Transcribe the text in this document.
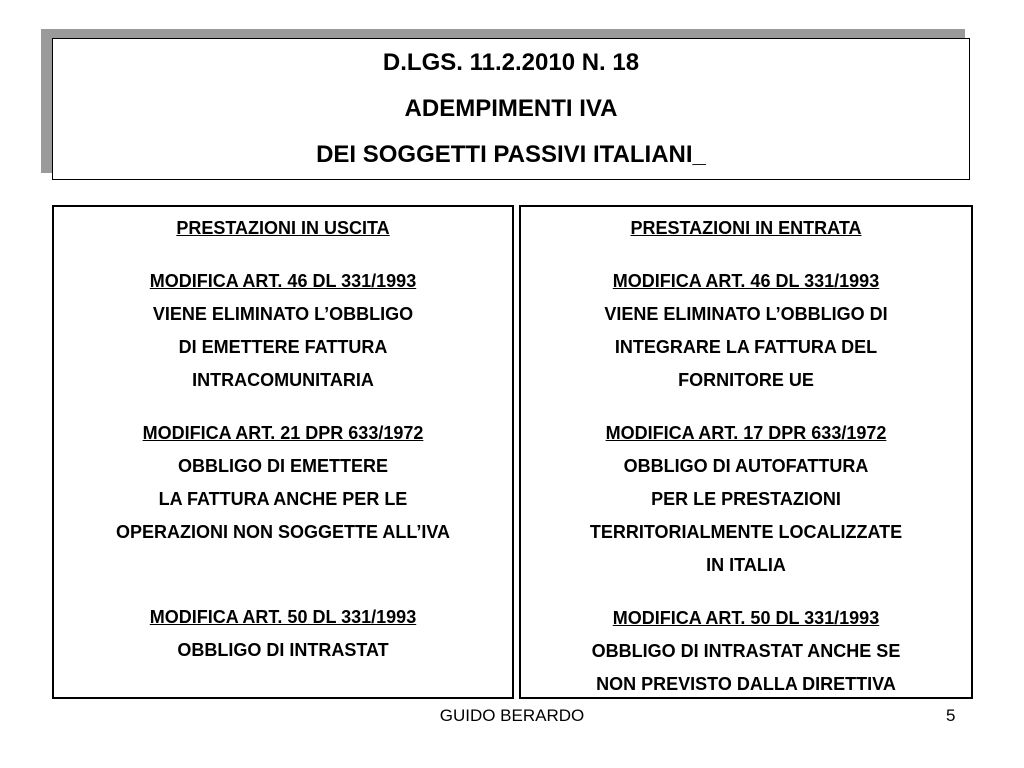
D.LGS. 11.2.2010 N. 18
ADEMPIMENTI IVA
DEI SOGGETTI PASSIVI ITALIANI_
PRESTAZIONI IN USCITA
MODIFICA ART. 46 DL 331/1993
VIENE ELIMINATO L’OBBLIGO
DI EMETTERE FATTURA
INTRACOMUNITARIA
MODIFICA ART. 21 DPR 633/1972
OBBLIGO DI EMETTERE
LA FATTURA ANCHE PER LE
OPERAZIONI NON SOGGETTE ALL’IVA
MODIFICA ART. 50 DL 331/1993
OBBLIGO DI INTRASTAT
PRESTAZIONI IN ENTRATA
MODIFICA ART. 46 DL 331/1993
VIENE ELIMINATO L’OBBLIGO DI
INTEGRARE LA FATTURA DEL
FORNITORE UE
MODIFICA ART. 17 DPR 633/1972
OBBLIGO DI AUTOFATTURA
PER LE PRESTAZIONI
TERRITORIALMENTE LOCALIZZATE
IN ITALIA
MODIFICA ART. 50 DL 331/1993
OBBLIGO DI INTRASTAT ANCHE SE
NON PREVISTO DALLA DIRETTIVA
GUIDO BERARDO	5
